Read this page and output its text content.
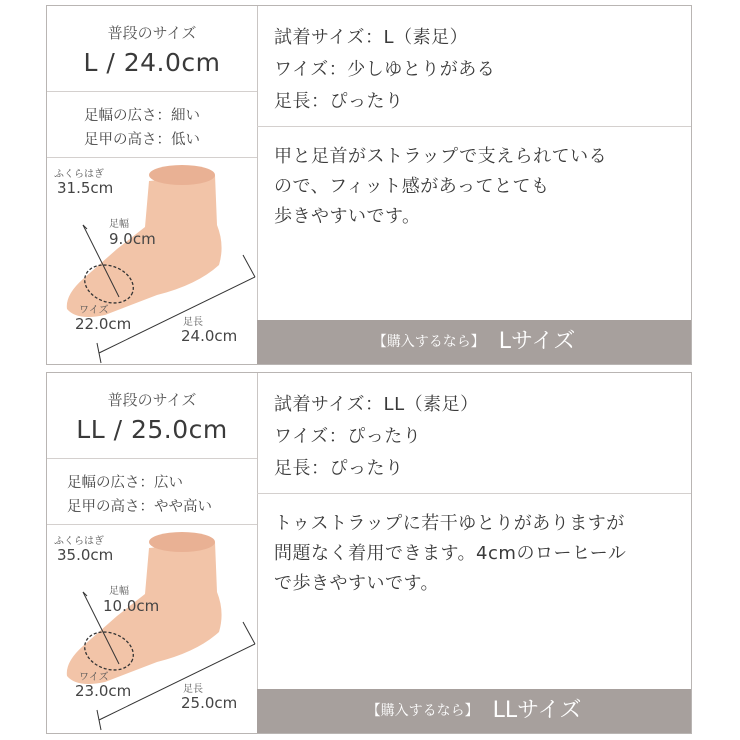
普段のサイズ
L / 24.0cm
足幅の広さ：細い
足甲の高さ：低い
ふくらはぎ
31.5cm
足幅
9.0cm
ワイズ
22.0cm	足長
24.0cm
試着サイズ：L（素足）
ワイズ：少しゆとりがある
足長：ぴったり
甲と足首がストラップで支えられている
ので、フィット感があってとても
歩きやすいです。
【購入するなら】 Lサイズ
普段のサイズ
LL / 25.0cm
足幅の広さ：広い
足甲の高さ：やや高い
ふくらはぎ
35.0cm
足幅
10.0cm
ワイズ
23.0cm	足長
25.0cm
試着サイズ：LL（素足）
ワイズ：ぴったり
足長：ぴったり
トゥストラップに若干ゆとりがありますが
問題なく着用できます。4cmのローヒール
で歩きやすいです。
【購入するなら】 LLサイズ
